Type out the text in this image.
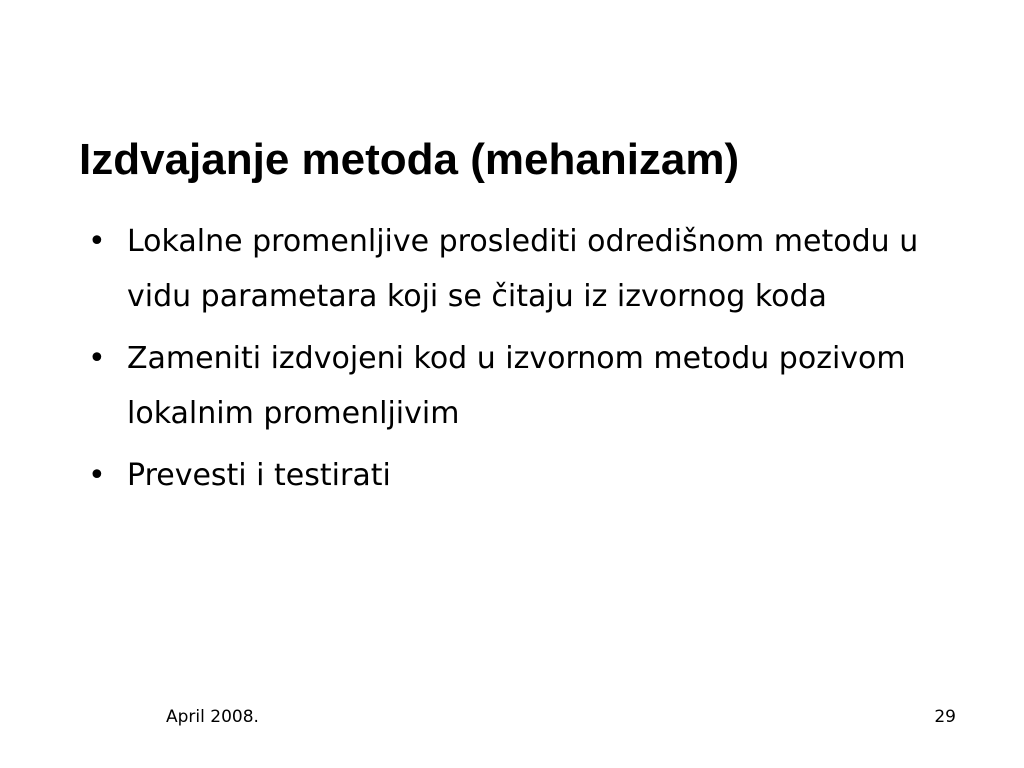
Izdvajanje metoda (mehanizam)
• Lokalne promenljive proslediti odredišnom metodu u vidu parametara koji se čitaju iz izvornog koda
• Zameniti izdvojeni kod u izvornom metodu pozivom lokalnim promenljivim
• Prevesti i testirati
April 2008.	29
